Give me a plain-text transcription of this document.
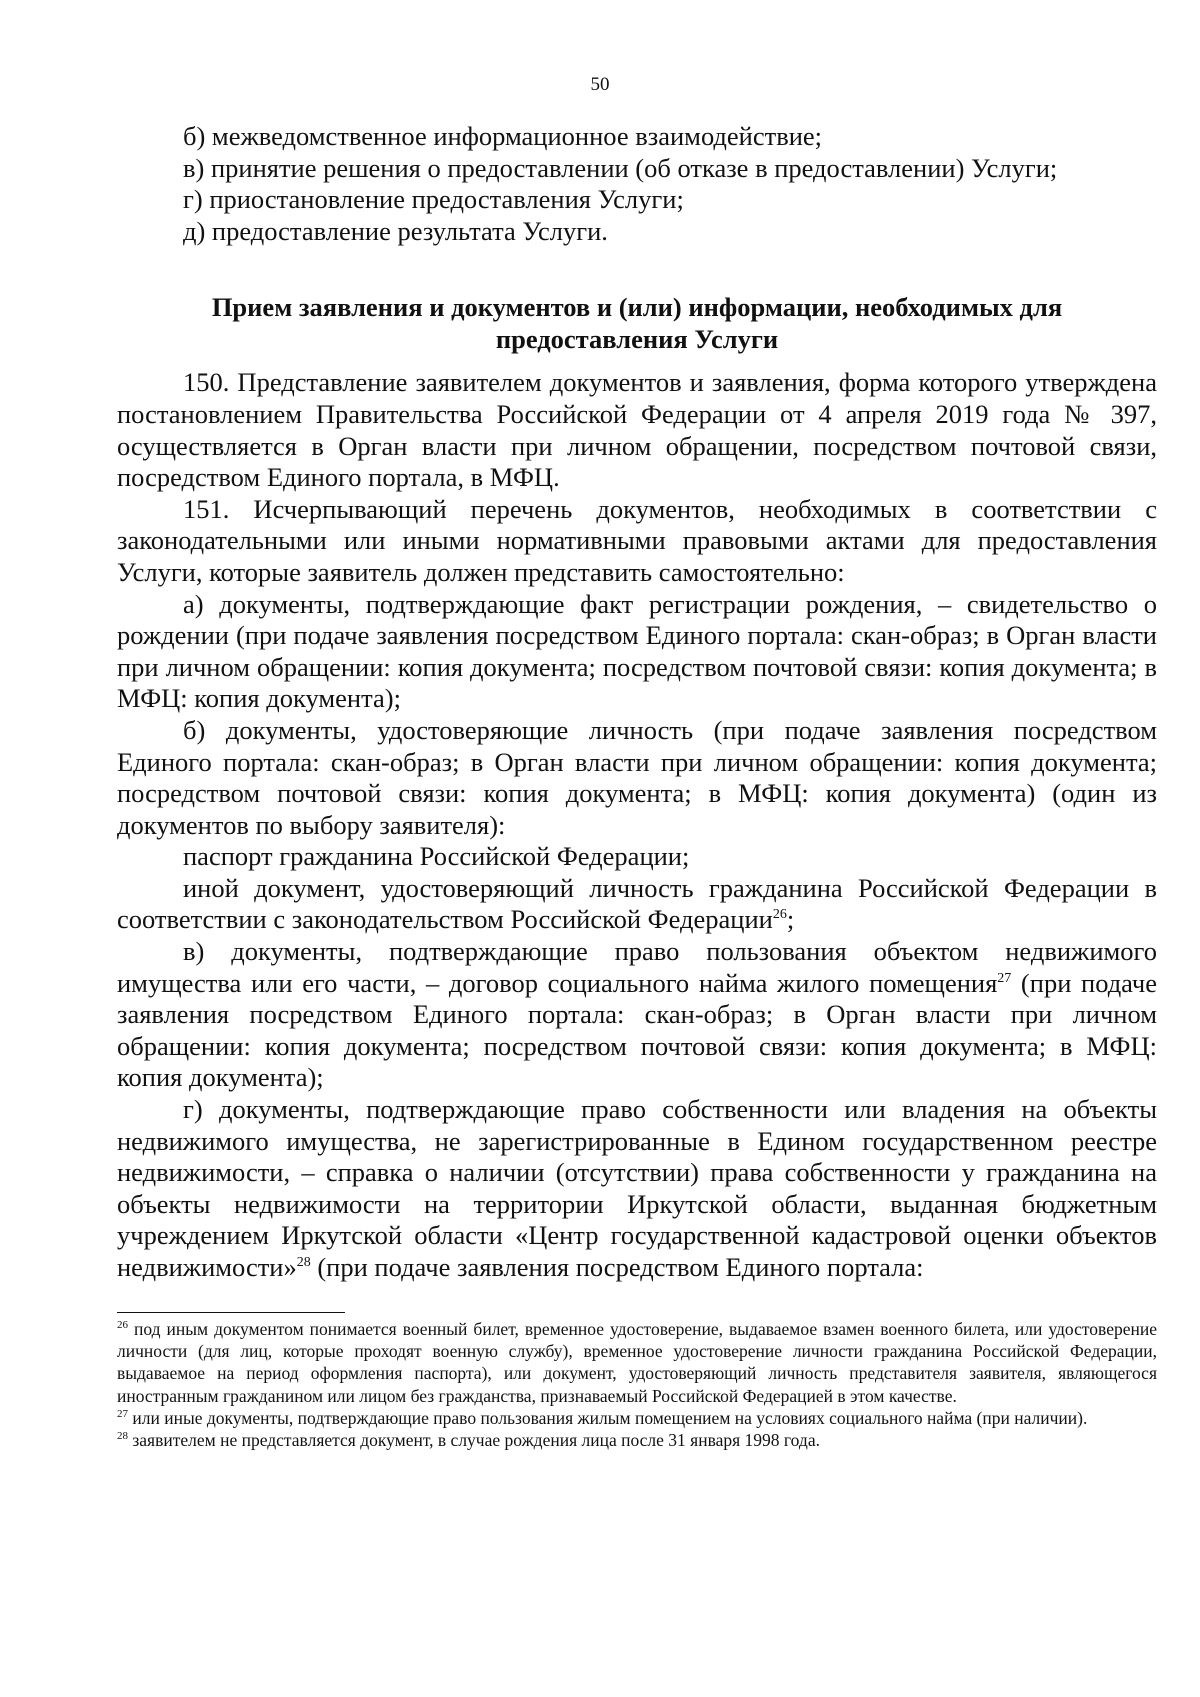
50

б) межведомственное информационное взаимодействие;

в) принятие решения о предоставлении (об отказе в предоставлении) Услуги;

г) приостановление предоставления Услуги;

д) предоставление результата Услуги.

Прием заявления и документов и (или) информации, необходимых для предоставления Услуги

150. Представление заявителем документов и заявления, форма которого утверждена постановлением Правительства Российской Федерации от 4 апреля 2019 года № 397, осуществляется в Орган власти при личном обращении, посредством почтовой связи, посредством Единого портала, в МФЦ.

151. Исчерпывающий перечень документов, необходимых в соответствии с законодательными или иными нормативными правовыми актами для предоставления Услуги, которые заявитель должен представить самостоятельно:

а) документы, подтверждающие факт регистрации рождения, – свидетельство о рождении (при подаче заявления посредством Единого портала: скан-образ; в Орган власти при личном обращении: копия документа; посредством почтовой связи: копия документа; в МФЦ: копия документа);

б) документы, удостоверяющие личность (при подаче заявления посредством Единого портала: скан-образ; в Орган власти при личном обращении: копия документа; посредством почтовой связи: копия документа; в МФЦ: копия документа) (один из документов по выбору заявителя):

паспорт гражданина Российской Федерации;

иной документ, удостоверяющий личность гражданина Российской Федерации в соответствии с законодательством Российской Федерации$^{26}$;

в) документы, подтверждающие право пользования объектом недвижимого имущества или его части, – договор социального найма жилого помещения$^{27}$ (при подаче заявления посредством Единого портала: скан-образ; в Орган власти при личном обращении: копия документа; посредством почтовой связи: копия документа; в МФЦ: копия документа);

г) документы, подтверждающие право собственности или владения на объекты недвижимого имущества, не зарегистрированные в Едином государственном реестре недвижимости, – справка о наличии (отсутствии) права собственности у гражданина на объекты недвижимости на территории Иркутской области, выданная бюджетным учреждением Иркутской области «Центр государственной кадастровой оценки объектов недвижимости»$^{28}$ (при подаче заявления посредством Единого портала:

$^{26}$ под иным документом понимается военный билет, временное удостоверение, выдаваемое взамен военного билета, или удостоверение личности (для лиц, которые проходят военную службу), временное удостоверение личности гражданина Российской Федерации, выдаваемое на период оформления паспорта), или документ, удостоверяющий личность представителя заявителя, являющегося иностранным гражданином или лицом без гражданства, признаваемый Российской Федерацией в этом качестве.

$^{27}$ или иные документы, подтверждающие право пользования жилым помещением на условиях социального найма (при наличии).

$^{28}$ заявителем не представляется документ, в случае рождения лица после 31 января 1998 года.
